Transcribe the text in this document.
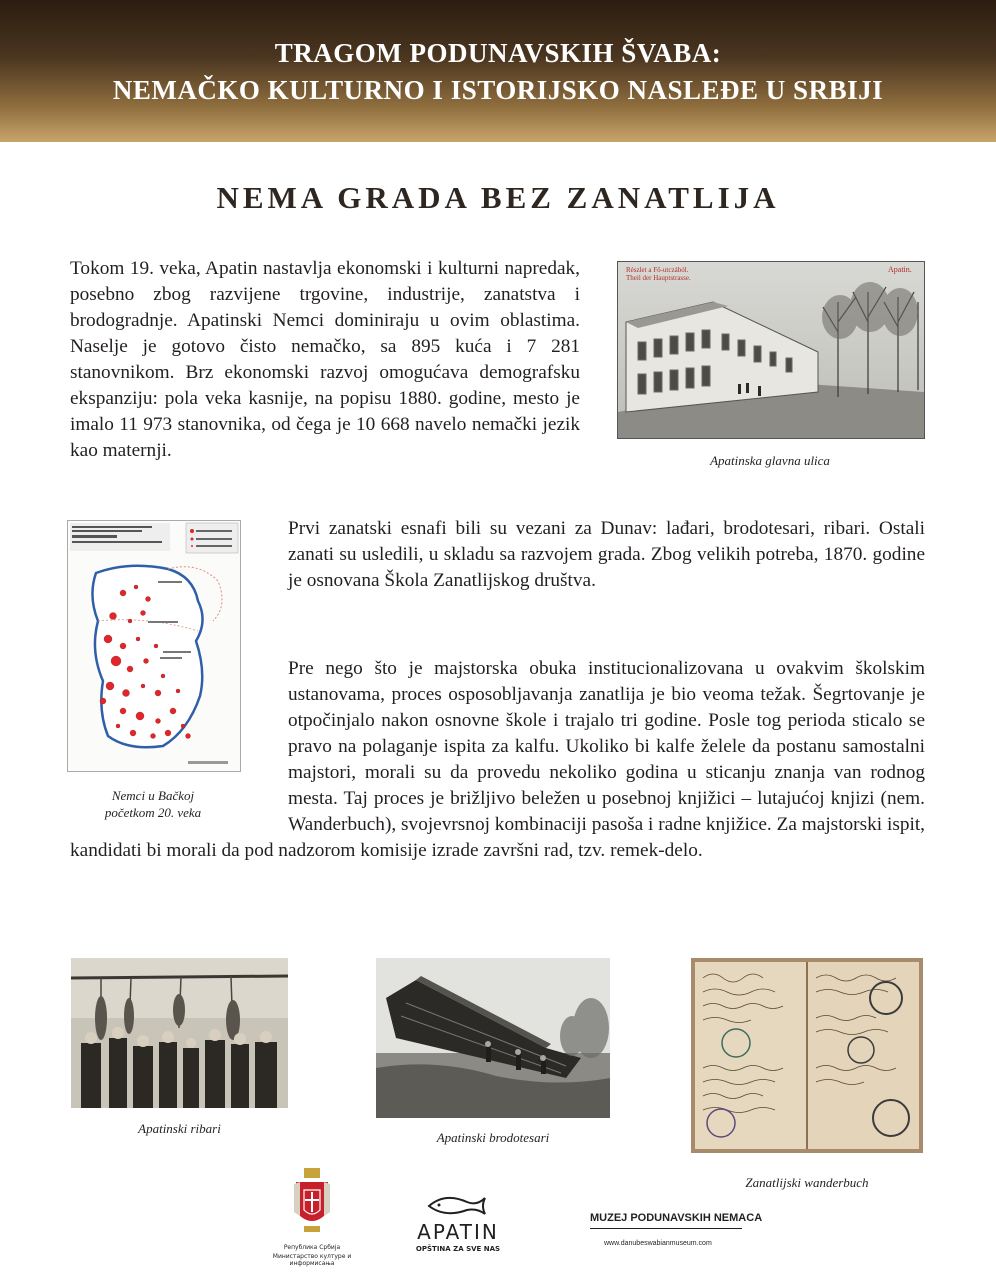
TRAGOM PODUNAVSKIH ŠVABA:
NEMAČKO KULTURNO I ISTORIJSKO NASLEĐE U SRBIJI
NEMA GRADA BEZ ZANATLIJA

Tokom 19. veka, Apatin nastavlja ekonomski i kulturni napredak, posebno zbog razvijene trgovine, industrije, zanatstva i brodogradnje. Apatinski Nemci dominiraju u ovim oblastima. Naselje je gotovo čisto nemačko, sa 895 kuća i 7 281 stanovnikom. Brz ekonomski razvoj omogućava demografsku ekspanziju: pola veka kasnije, na popisu 1880. godine, mesto je imalo 11 973 stanovnika, od čega je 10 668 navelo nemački jezik kao maternji.

Részlet a Fő-utczából.
Theil der Hauptstrasse.
Apatin.
Apatinska glavna ulica
Nemci u Bačkoj
početkom 20. veka

Prvi zanatski esnafi bili su vezani za Dunav: lađari, brodotesari, ribari. Ostali zanati su usledili, u skladu sa razvojem grada. Zbog velikih potreba, 1870. godine je osnovana Škola Zanatlijskog društva.

Pre nego što je majstorska obuka institucionalizovana u ovakvim školskim ustanovama, proces osposobljavanja zanatlija je bio veoma težak. Šegrtovanje je otpočinjalo nakon osnovne škole i trajalo tri godine. Posle tog perioda sticalo se pravo na polaganje ispita za kalfu. Ukoliko bi kalfe želele da postanu samostalni majstori, morali su da provedu nekoliko godina u sticanju znanja van rodnog mesta. Taj proces je brižljivo beležen u posebnoj knjižici – lutajućoj knjizi (nem. Wanderbuch), svojevrsnoj kombinaciji pasoša i radne knjižice. Za majstorski ispit, kandidati bi morali da pod nadzorom komisije izrade završni rad, tzv. remek-delo.

Apatinski ribari
Apatinski brodotesari
Zanatlijski wanderbuch
Република Србија
Министарство културе и информисања
APATIN
OPŠTINA ZA SVE NAS
MUZEJ PODUNAVSKIH NEMACA
www.danubeswabianmuseum.com
